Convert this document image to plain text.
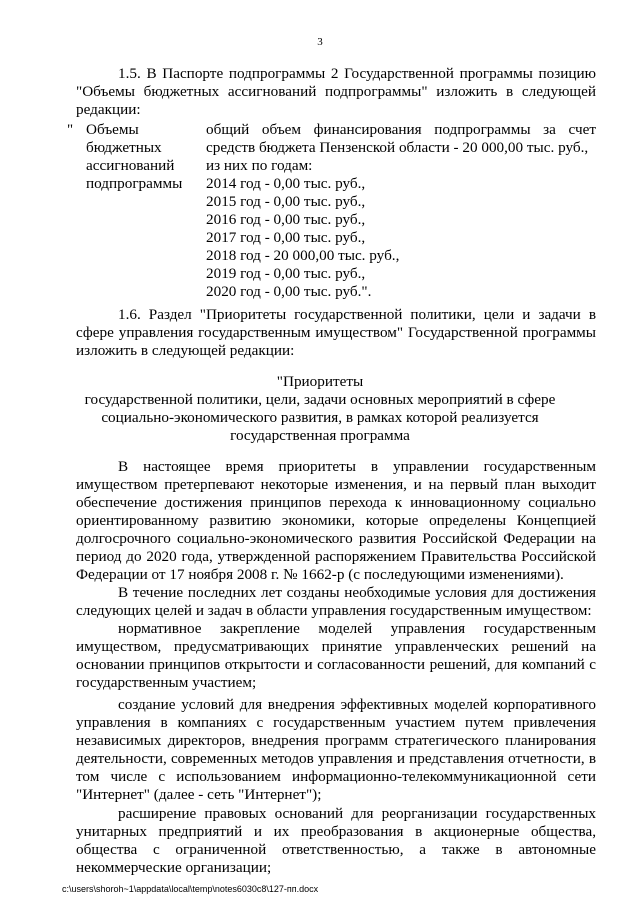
3
1.5. В Паспорте подпрограммы 2 Государственной программы позицию
"Объемы бюджетных ассигнований подпрограммы" изложить в следующей
редакции:
" Объемы
бюджетных
ассигнований
подпрограммы
общий объем финансирования подпрограммы за счет
средств бюджета Пензенской области - 20 000,00 тыс. руб.,
из них по годам:
2014 год - 0,00 тыс. руб.,
2015 год - 0,00 тыс. руб.,
2016 год - 0,00 тыс. руб.,
2017 год - 0,00 тыс. руб.,
2018 год - 20 000,00 тыс. руб.,
2019 год - 0,00 тыс. руб.,
2020 год - 0,00 тыс. руб.".
1.6. Раздел "Приоритеты государственной политики, цели и задачи в
сфере управления государственным имуществом" Государственной программы
изложить в следующей редакции:
"Приоритеты
государственной политики, цели, задачи основных мероприятий в сфере
социально-экономического развития, в рамках которой реализуется
государственная программа
В настоящее время приоритеты в управлении государственным
имуществом претерпевают некоторые изменения, и на первый план выходит
обеспечение достижения принципов перехода к инновационному социально
ориентированному развитию экономики, которые определены Концепцией
долгосрочного социально-экономического развития Российской Федерации на
период до 2020 года, утвержденной распоряжением Правительства Российской
Федерации от 17 ноября 2008 г. № 1662-р (с последующими изменениями).
В течение последних лет созданы необходимые условия для достижения
следующих целей и задач в области управления государственным имуществом:
нормативное закрепление моделей управления государственным
имуществом, предусматривающих принятие управленческих решений на
основании принципов открытости и согласованности решений, для компаний с
государственным участием;
создание условий для внедрения эффективных моделей корпоративного
управления в компаниях с государственным участием путем привлечения
независимых директоров, внедрения программ стратегического планирования
деятельности, современных методов управления и представления отчетности, в
том числе с использованием информационно-телекоммуникационной сети
"Интернет" (далее - сеть "Интернет");
расширение правовых оснований для реорганизации государственных
унитарных предприятий и их преобразования в акционерные общества,
общества с ограниченной ответственностью, а также в автономные
некоммерческие организации;
c:\users\shoroh~1\appdata\local\temp\notes6030c8\127-пп.docx
